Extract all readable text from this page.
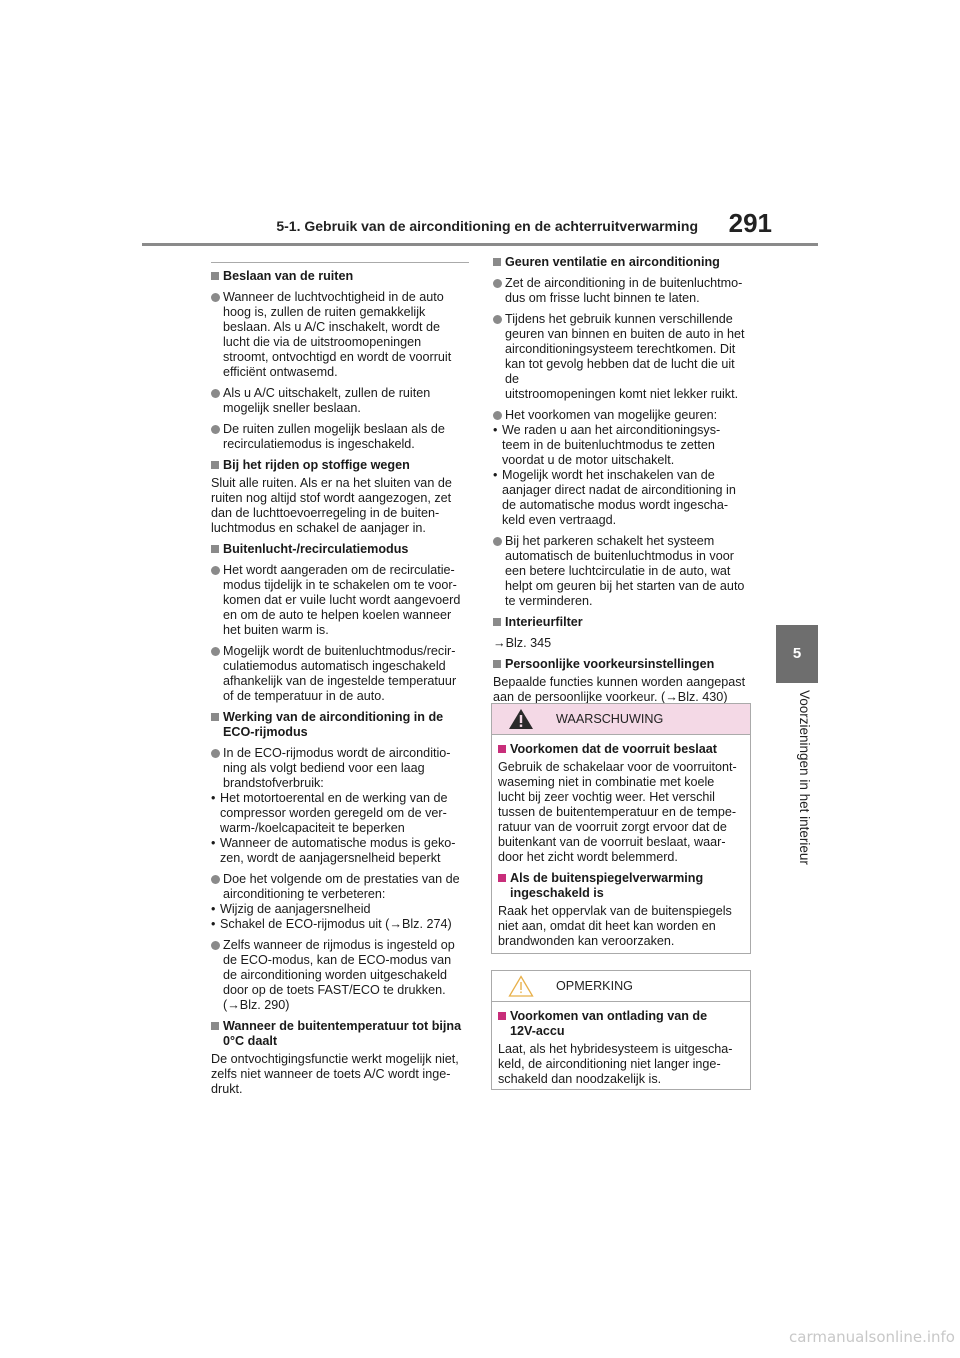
5-1. Gebruik van de airconditioning en de achterruitverwarming	291
5
Voorzieningen in het interieur

Beslaan van de ruiten

Wanneer de luchtvochtigheid in de auto
hoog is, zullen de ruiten gemakkelijk
beslaan. Als u A/C inschakelt, wordt de
lucht die via de uitstroomopeningen
stroomt, ontvochtigd en wordt de voorruit
efficiënt ontwasemd.
Als u A/C uitschakelt, zullen de ruiten
mogelijk sneller beslaan.
De ruiten zullen mogelijk beslaan als de
recirculatiemodus is ingeschakeld.

Bij het rijden op stoffige wegen

Sluit alle ruiten. Als er na het sluiten van de
ruiten nog altijd stof wordt aangezogen, zet
dan de luchttoevoerregeling in de buiten-
luchtmodus en schakel de aanjager in.

Buitenlucht-/recirculatiemodus

Het wordt aangeraden om de recirculatie-
modus tijdelijk in te schakelen om te voor-
komen dat er vuile lucht wordt aangevoerd
en om de auto te helpen koelen wanneer
het buiten warm is.
Mogelijk wordt de buitenluchtmodus/recir-
culatiemodus automatisch ingeschakeld
afhankelijk van de ingestelde temperatuur
of de temperatuur in de auto.
Werking van de airconditioning in de
ECO-rijmodus
In de ECO-rijmodus wordt de airconditio-
ning als volgt bediend voor een laag
brandstofverbruik:
• Het motortoerental en de werking van de
compressor worden geregeld om de ver-
warm-/koelcapaciteit te beperken
• Wanneer de automatische modus is geko-
zen, wordt de aanjagersnelheid beperkt
Doe het volgende om de prestaties van de
airconditioning te verbeteren:

• Wijzig de aanjagersnelheid

• Schakel de ECO-rijmodus uit (→Blz. 274)

Zelfs wanneer de rijmodus is ingesteld op
de ECO-modus, kan de ECO-modus van
de airconditioning worden uitgeschakeld
door op de toets FAST/ECO te drukken.
(→Blz. 290)
Wanneer de buitentemperatuur tot bijna
0°C daalt
De ontvochtigingsfunctie werkt mogelijk niet,
zelfs niet wanneer de toets A/C wordt inge-
drukt.

Geuren ventilatie en airconditioning

Zet de airconditioning in de buitenluchtmo-
dus om frisse lucht binnen te laten.
Tijdens het gebruik kunnen verschillende
geuren van binnen en buiten de auto in het
airconditioningsysteem terechtkomen. Dit
kan tot gevolg hebben dat de lucht die uit de
uitstroomopeningen komt niet lekker ruikt.

Het voorkomen van mogelijke geuren:

• We raden u aan het airconditioningsys-
teem in de buitenluchtmodus te zetten
voordat u de motor uitschakelt.
• Mogelijk wordt het inschakelen van de
aanjager direct nadat de airconditioning in
de automatische modus wordt ingescha-
keld even vertraagd.
Bij het parkeren schakelt het systeem
automatisch de buitenluchtmodus in voor
een betere luchtcirculatie in de auto, wat
helpt om geuren bij het starten van de auto
te verminderen.

Interieurfilter

→Blz. 345

Persoonlijke voorkeursinstellingen

Bepaalde functies kunnen worden aangepast
aan de persoonlijke voorkeur. (→Blz. 430)
WAARSCHUWING

Voorkomen dat de voorruit beslaat

Gebruik de schakelaar voor de voorruitont-
wasеming niet in combinatie met koele
lucht bij zeer vochtig weer. Het verschil
tussen de buitentemperatuur en de tempe-
ratuur van de voorruit zorgt ervoor dat de
buitenkant van de voorruit beslaat, waar-
door het zicht wordt belemmerd.
Als de buitenspiegelverwarming
ingeschakeld is
Raak het oppervlak van de buitenspiegels
niet aan, omdat dit heet kan worden en
brandwonden kan veroorzaken.
OPMERKING
Voorkomen van ontlading van de
12V-accu
Laat, als het hybridesysteem is uitgescha-
keld, de airconditioning niet langer inge-
schakeld dan noodzakelijk is.
carmanualsonline.info
